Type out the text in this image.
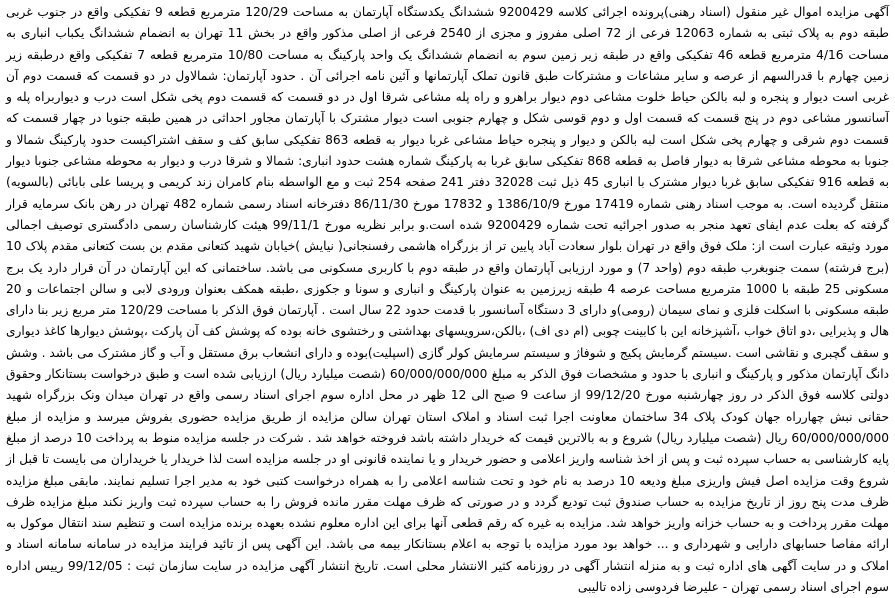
آگهی مزایده اموال غیر منقول (اسناد رهنی)پرونده اجرائی کلاسه 9200429 ششدانگ یکدستگاه آپارتمان به مساحت 120/29 مترمربع قطعه 9 تفکیکی واقع در جنوب غربی طبقه دوم به پلاک ثبتی به شماره 12063 فرعی از 72 اصلی مفروز و مجزی از 2540 فرعی از اصلی مذکور واقع در بخش 11 تهران به انضمام ششدانگ یکباب انباری به مساحت 4/16 مترمربع قطعه 46 تفکیکی واقع در طبقه زیر زمین سوم به انضمام ششدانگ یک واحد پارکینگ به مساحت 10/80 مترمربع قطعه 7 تفکیکی واقع درطبقه زیر زمین چهارم با قدرالسهم از عرصه و سایر مشاعات و مشترکات طبق قانون تملک آپارتمانها و آئین نامه اجرائی آن . حدود آپارتمان: شمالاول در دو قسمت که قسمت دوم آن غربی است دیوار و پنجره و لبه بالکن حیاط خلوت مشاعی دوم دیوار براهرو و راه پله مشاعی شرقا اول در دو قسمت که قسمت دوم پخی شکل است درب و دیواربراه پله و آسانسور مشاعی دوم در پنج قسمت که قسمت اول و دوم قوسی شکل و چهارم جنوبی است دیوار مشترک با آپارتمان مجاور احداثی در همین طبقه جنوبا در چهار قسمت که قسمت دوم شرقی و چهارم پخی شکل است لبه بالکن و دیوار و پنجره حیاط مشاعی غربا دیوار به قطعه 863 تفکیکی سابق کف و سقف اشتراکیست حدود پارکینگ شمالا و جنوبا به محوطه مشاعی شرقا به دیوار فاصل به قطعه 868 تفکیکی سابق غربا به پارکینگ شماره هشت حدود انباری: شمالا و شرقا درب و دیوار به محوطه مشاعی جنوبا دیوار به قطعه 916 تفکیکی سابق غربا دیوار مشترک با انباری 45 ذیل ثبت 32028 دفتر 241 صفحه 254 ثبت و مع الواسطه بنام کامران زند کریمی و پریسا علی بابائی (بالسویه) منتقل گردیده است. به موجب اسناد رهنی شماره 17419 مورخ 1386/10/9 و 17832 مورخ 86/11/30 دفترخانه اسناد رسمی شماره 482 تهران در رهن بانک سرمایه قرار گرفته که بعلت عدم ایفای تعهد منجر به صدور اجرائیه تحت شماره 9200429 شده است.و برابر نظریه مورخ 99/11/1 هیئت کارشناسان رسمی دادگستری توصیف اجمالی مورد وثیقه عبارت است از: ملک فوق واقع در تهران بلوار سعادت آباد پایین تر از بزرگراه هاشمی رفسنجانی( نیایش )خیابان شهید کتعانی مقدم بن بست کتعانی مقدم پلاک 10 (برج فرشته) سمت جنوبغرب طبقه دوم (واحد 7) و مورد ارزیابی آپارتمان واقع در طبقه دوم با کاربری مسکونی می باشد. ساختمانی که این آپارتمان در آن قرار دارد یک برج مسکونی 25 طبقه با 1000 مترمربع مساحت عرصه 4 طبقه زیرزمین به عنوان پارکینگ و انباری و سونا و جکوزی ،طبقه همکف بعنوان ورودی لابی و سالن اجتماعات و 20 طبقه مسکونی با اسکلت فلزی و نمای سیمان (رومی)و دارای 3 دستگاه آسانسور با قدمت حدود 22 سال است . آپارتمان فوق الذکر با مساحت 120/29 متر مربع زیر بنا دارای هال و پذیرایی ،دو اتاق خواب ،آشپزخانه این با کابینت چوبی (ام دی اف) ،بالکن،سرویسهای بهداشتی و رختشوی خانه بوده که پوشش کف آن پارکت ،پوشش دیوارها کاغذ دیواری و سقف گچبری و نقاشی است .سیستم گرمایش پکیج و شوفاژ و سیستم سرمایش کولر گازی (اسپلیت)بوده و دارای انشعاب برق مستقل و آب و گاز مشترک می باشد . وشش دانگ آپارتمان مذکور و پارکینگ و انباری با حدود و مشخصات فوق الذکر به مبلغ 60/000/000/000 (شصت میلیارد ریال) ارزیابی شده است و طبق درخواست بستانکار وحقوق دولتی کلاسه فوق الذکر در روز چهارشنبه مورخ 99/12/20 از ساعت 9 صبح الی 12 ظهر در محل اداره سوم اجرای اسناد رسمی واقع در تهران میدان ونک بزرگراه شهید حقانی نبش چهارراه جهان کودک پلاک 34 ساختمان معاونت اجرا ثبت اسناد و املاک استان تهران سالن مزایده از طریق مزایده حضوری بفروش میرسد و مزایده از مبلغ 60/000/000/000 ریال (شصت میلیارد ریال) شروع و به بالاترین قیمت که خریدار داشته باشد فروخته خواهد شد . شرکت در جلسه مزایده منوط به پرداخت 10 درصد از مبلغ پایه کارشناسی به حساب سپرده ثبت و پس از اخذ شناسه واریز اعلامی و حضور خریدار و یا نماینده قانونی او در جلسه مزایده است لذا خریدار یا خریداران می بایست تا قبل از شروع وقت مزایده اصل فیش واریزی مبلغ ودیعه 10 درصد به نام خود و تحت شناسه اعلامی را به همراه درخواست کتبی خود به مدیر اجرا تسلیم نمایند. مابقی مبلغ مزایده ظرف مدت پنج روز از تاریخ مزایده به حساب صندوق ثبت تودیع گردد و در صورتی که ظرف مهلت مقرر مانده فروش را به حساب سپرده ثبت واریز نکند مبلغ مزایده ظرف مهلت مقرر پرداخت و به حساب خزانه واریز خواهد شد. مزایده به غیره که رقم قطعی آنها برای این اداره معلوم نشده بعهده برنده مزایده است و تنظیم سند انتقال موکول به ارائه مفاصا حسابهای دارایی و شهرداری و ... خواهد بود مورد مزایده با توجه به اعلام بستانکار بیمه می باشد. این آگهی پس از تائید فرایند مزایده در سامانه سامانه اسناد و املاک و در سایت آگهی های اداره ثبت و به منزله انتشار آگهی در روزنامه کثیر الانتشار محلی است. تاریخ انتشار آگهی مزایده در سایت سازمان ثبت : 99/12/05 رییس اداره سوم اجرای اسناد رسمی تهران - علیرضا فردوسی زاده تالیبی
